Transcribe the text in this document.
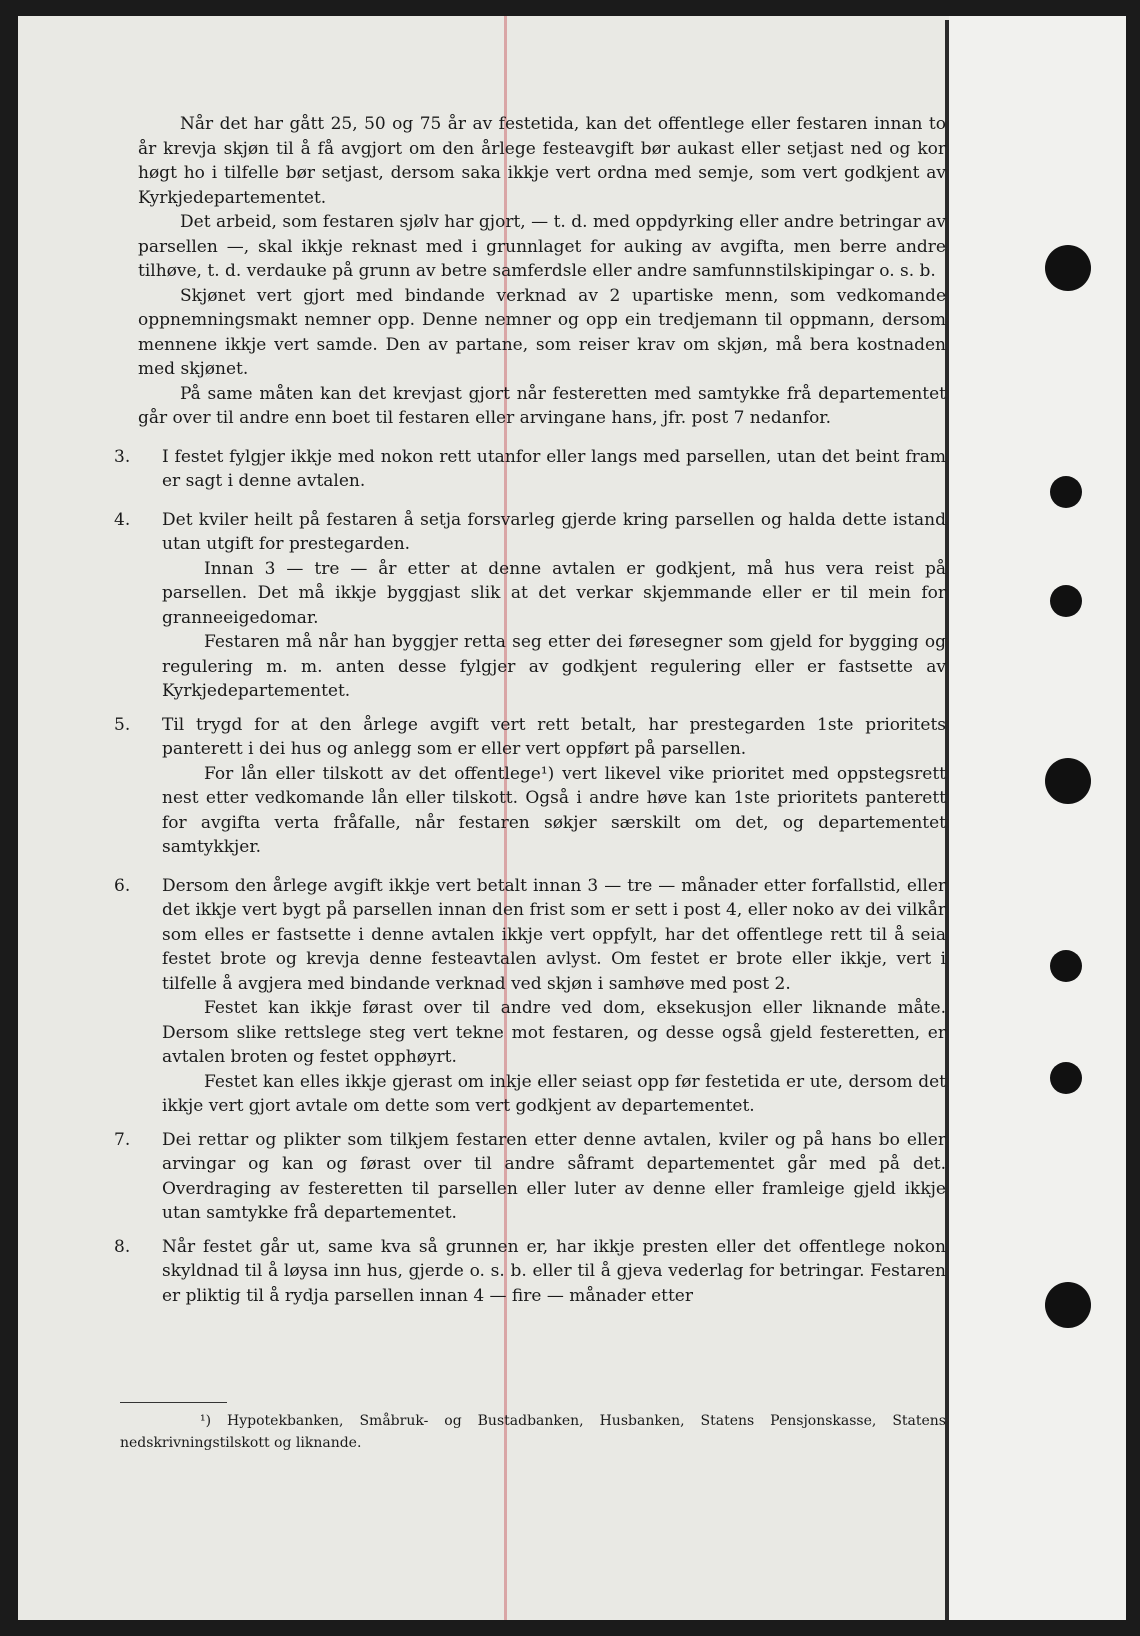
Når det har gått 25, 50 og 75 år av festetida, kan det offentlege eller festaren innan to år krevja skjøn til å få avgjort om den årlege festeavgift bør aukast eller setjast ned og kor høgt ho i tilfelle bør setjast, dersom saka ikkje vert ordna med semje, som vert godkjent av Kyrkjedepartementet.

Det arbeid, som festaren sjølv har gjort, — t. d. med oppdyrking eller andre betringar av parsellen —, skal ikkje reknast med i grunnlaget for auking av avgifta, men berre andre tilhøve, t. d. verdauke på grunn av betre samferdsle eller andre samfunnstilskipingar o. s. b.

Skjønet vert gjort med bindande verknad av 2 upartiske menn, som vedkomande oppnemningsmakt nemner opp. Denne nemner og opp ein tredjemann til oppmann, dersom mennene ikkje vert samde. Den av partane, som reiser krav om skjøn, må bera kostnaden med skjønet.

På same måten kan det krevjast gjort når festeretten med samtykke frå departementet går over til andre enn boet til festaren eller arvingane hans, jfr. post 7 nedanfor.

3. I festet fylgjer ikkje med nokon rett utanfor eller langs med parsellen, utan det beint fram er sagt i denne avtalen.

4. Det kviler heilt på festaren å setja forsvarleg gjerde kring parsellen og halda dette istand utan utgift for prestegarden.

Innan 3 — tre — år etter at denne avtalen er godkjent, må hus vera reist på parsellen. Det må ikkje byggjast slik at det verkar skjemmande eller er til mein for granneeigedomar.

Festaren må når han byggjer retta seg etter dei føresegner som gjeld for bygging og regulering m. m. anten desse fylgjer av godkjent regulering eller er fastsette av Kyrkjedepartementet.

5. Til trygd for at den årlege avgift vert rett betalt, har prestegarden 1ste prioritets panterett i dei hus og anlegg som er eller vert oppført på parsellen.

For lån eller tilskott av det offentlege¹) vert likevel vike prioritet med oppstegsrett nest etter vedkomande lån eller tilskott. Også i andre høve kan 1ste prioritets panterett for avgifta verta fråfalle, når festaren søkjer særskilt om det, og departementet samtykkjer.

6. Dersom den årlege avgift ikkje vert betalt innan 3 — tre — månader etter forfallstid, eller det ikkje vert bygt på parsellen innan den frist som er sett i post 4, eller noko av dei vilkår som elles er fastsette i denne avtalen ikkje vert oppfylt, har det offentlege rett til å seia festet brote og krevja denne festeavtalen avlyst. Om festet er brote eller ikkje, vert i tilfelle å avgjera med bindande verknad ved skjøn i samhøve med post 2.

Festet kan ikkje førast over til andre ved dom, eksekusjon eller liknande måte. Dersom slike rettslege steg vert tekne mot festaren, og desse også gjeld festeretten, er avtalen broten og festet opphøyrt.

Festet kan elles ikkje gjerast om inkje eller seiast opp før festetida er ute, dersom det ikkje vert gjort avtale om dette som vert godkjent av departementet.

7. Dei rettar og plikter som tilkjem festaren etter denne avtalen, kviler og på hans bo eller arvingar og kan og førast over til andre såframt departementet går med på det. Overdraging av festeretten til parsellen eller luter av denne eller framleige gjeld ikkje utan samtykke frå departementet.

8. Når festet går ut, same kva så grunnen er, har ikkje presten eller det offentlege nokon skyldnad til å løysa inn hus, gjerde o. s. b. eller til å gjeva vederlag for betringar. Festaren er pliktig til å rydja parsellen innan 4 — fire — månader etter

¹) Hypotekbanken, Småbruk- og Bustadbanken, Husbanken, Statens Pensjonskasse, Statens nedskrivningstilskott og liknande.
